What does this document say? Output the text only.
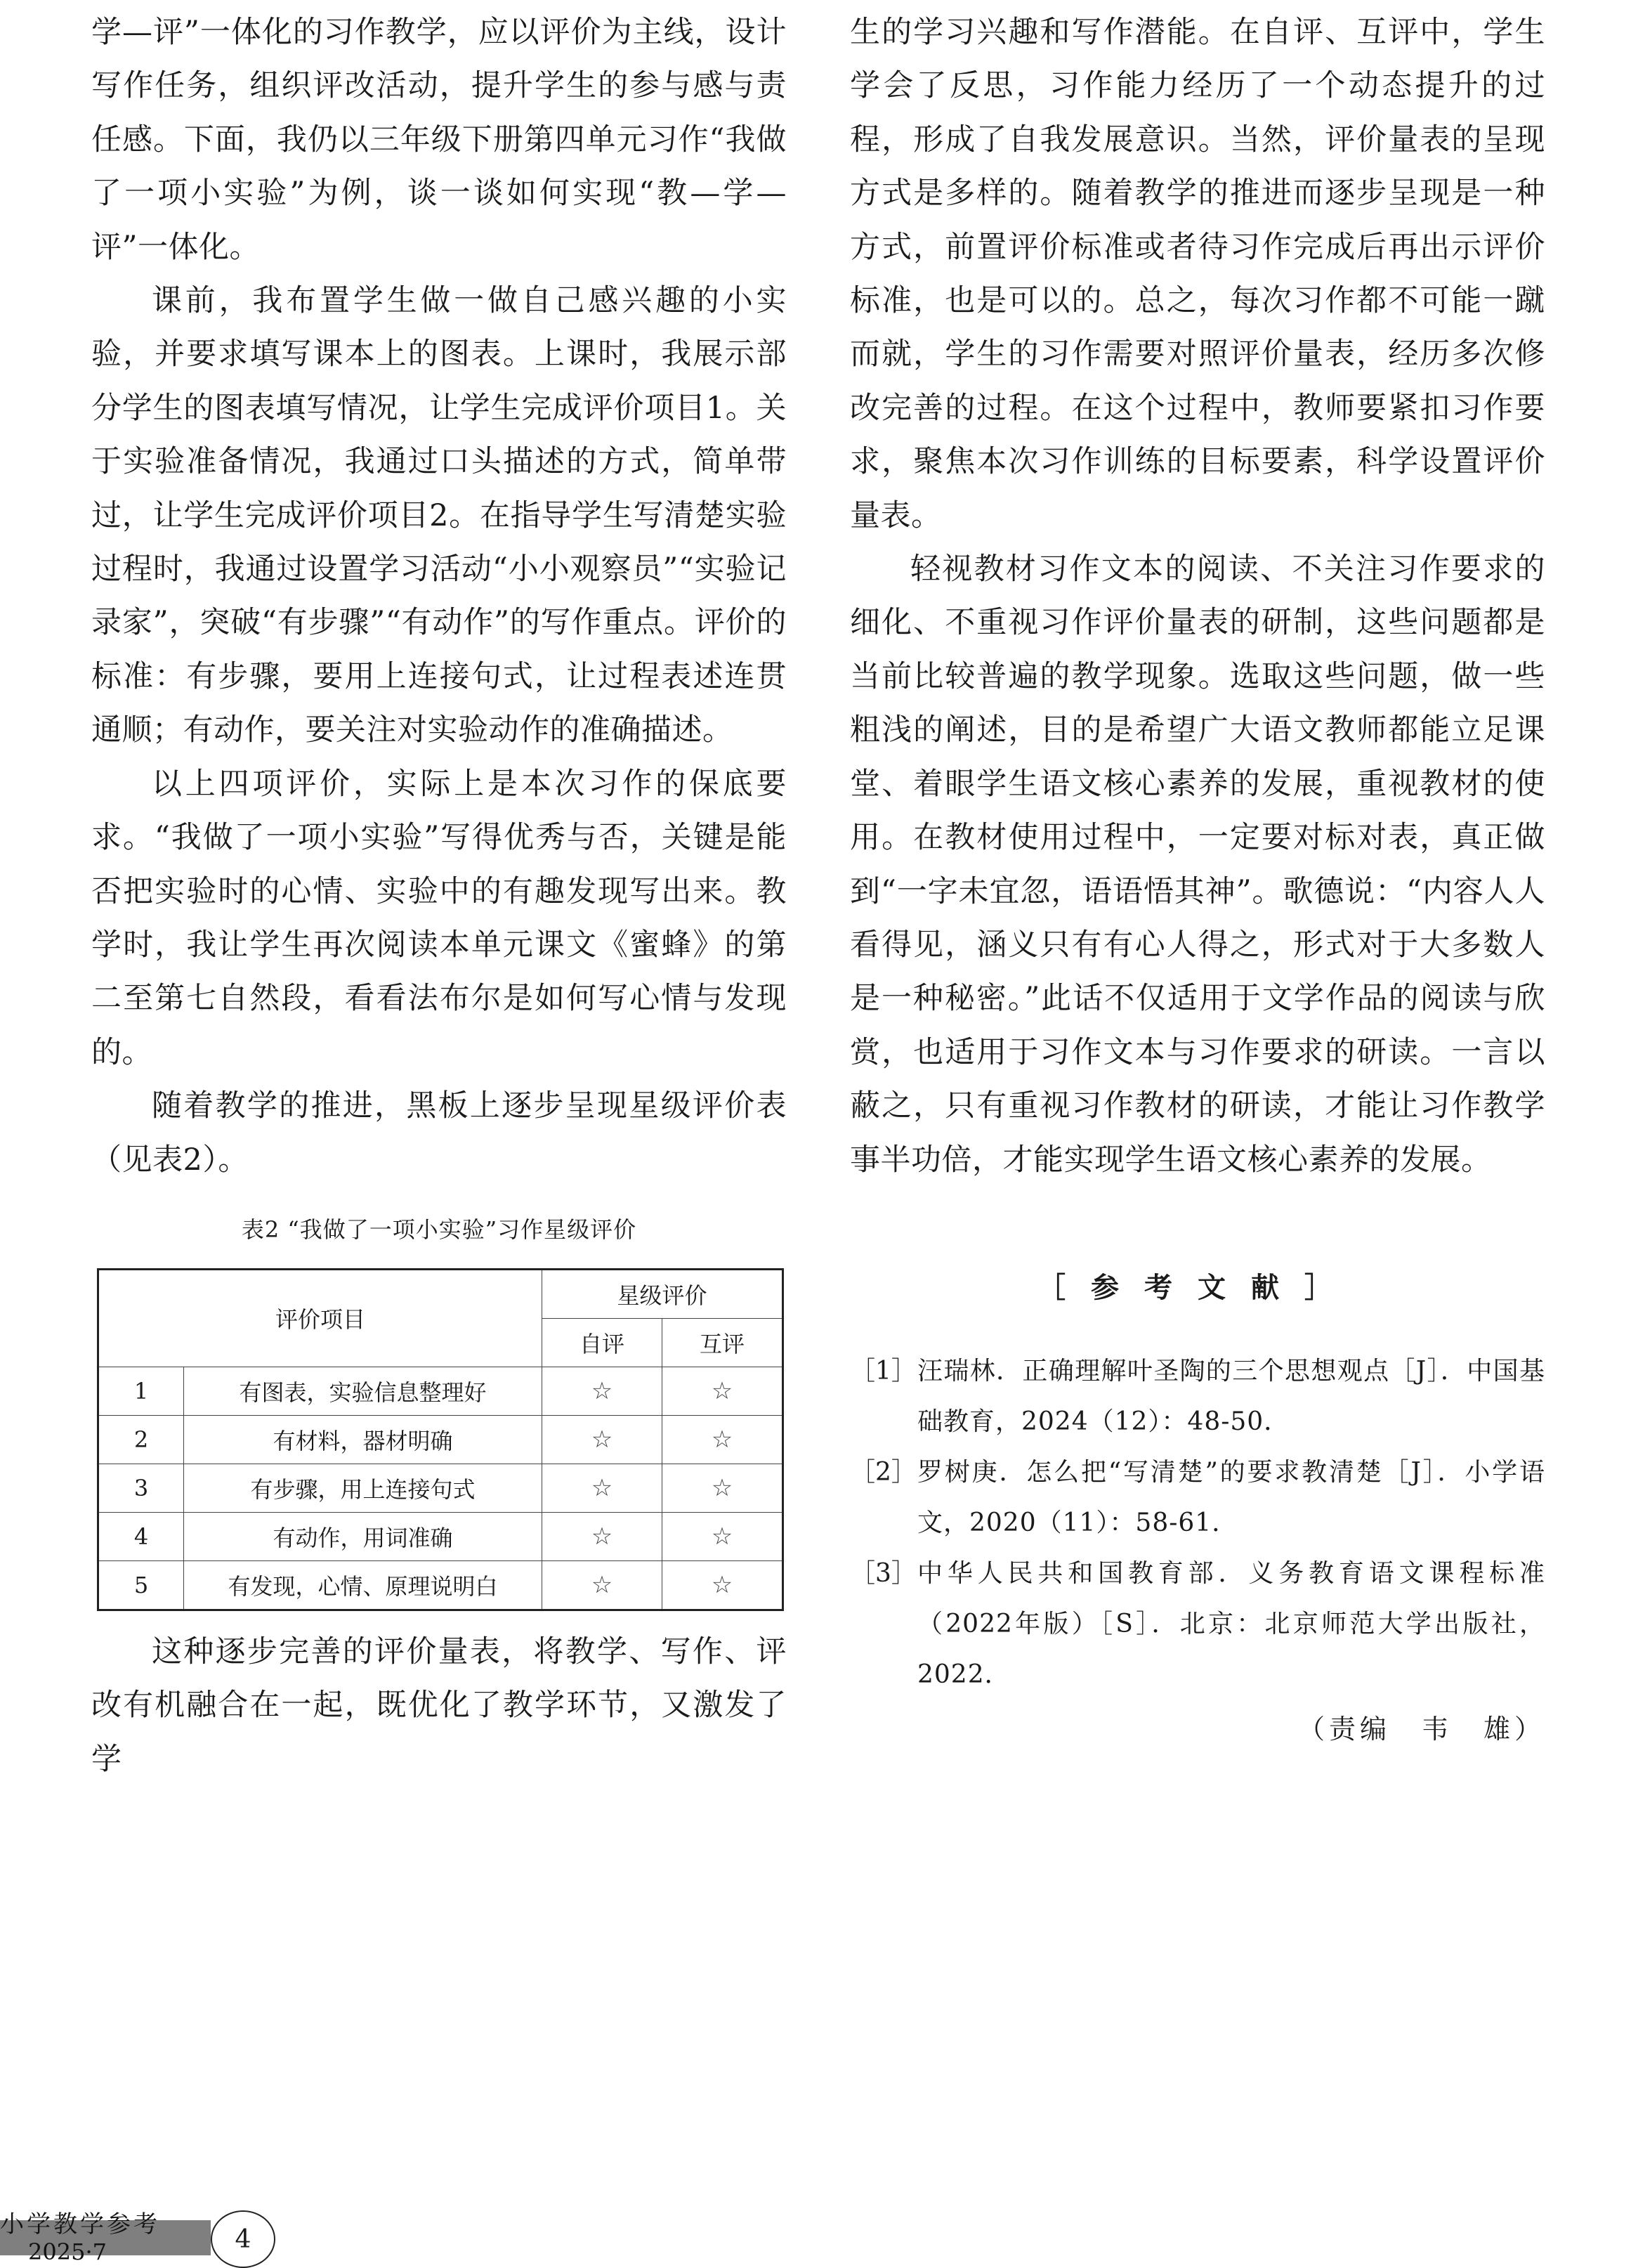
学—评”一体化的习作教学，应以评价为主线，设计写作任务，组织评改活动，提升学生的参与感与责任感。下面，我仍以三年级下册第四单元习作“我做了一项小实验”为例，谈一谈如何实现“教—学—评”一体化。

课前，我布置学生做一做自己感兴趣的小实验，并要求填写课本上的图表。上课时，我展示部分学生的图表填写情况，让学生完成评价项目1。关于实验准备情况，我通过口头描述的方式，简单带过，让学生完成评价项目2。在指导学生写清楚实验过程时，我通过设置学习活动“小小观察员”“实验记录家”，突破“有步骤”“有动作”的写作重点。评价的标准：有步骤，要用上连接句式，让过程表述连贯通顺；有动作，要关注对实验动作的准确描述。

以上四项评价，实际上是本次习作的保底要求。“我做了一项小实验”写得优秀与否，关键是能否把实验时的心情、实验中的有趣发现写出来。教学时，我让学生再次阅读本单元课文《蜜蜂》的第二至第七自然段，看看法布尔是如何写心情与发现的。

随着教学的推进，黑板上逐步呈现星级评价表（见表2）。

表2 “我做了一项小实验”习作星级评价
评价项目		星级评价	
		自评	互评
1	有图表，实验信息整理好	☆	☆
2	有材料，器材明确	☆	☆
3	有步骤，用上连接句式	☆	☆
4	有动作，用词准确	☆	☆
5	有发现，心情、原理说明白	☆	☆

这种逐步完善的评价量表，将教学、写作、评改有机融合在一起，既优化了教学环节，又激发了学

生的学习兴趣和写作潜能。在自评、互评中，学生学会了反思，习作能力经历了一个动态提升的过程，形成了自我发展意识。当然，评价量表的呈现方式是多样的。随着教学的推进而逐步呈现是一种方式，前置评价标准或者待习作完成后再出示评价标准，也是可以的。总之，每次习作都不可能一蹴而就，学生的习作需要对照评价量表，经历多次修改完善的过程。在这个过程中，教师要紧扣习作要求，聚焦本次习作训练的目标要素，科学设置评价量表。

轻视教材习作文本的阅读、不关注习作要求的细化、不重视习作评价量表的研制，这些问题都是当前比较普遍的教学现象。选取这些问题，做一些粗浅的阐述，目的是希望广大语文教师都能立足课堂、着眼学生语文核心素养的发展，重视教材的使用。在教材使用过程中，一定要对标对表，真正做到“一字未宜忽，语语悟其神”。歌德说：“内容人人看得见，涵义只有有心人得之，形式对于大多数人是一种秘密。”此话不仅适用于文学作品的阅读与欣赏，也适用于习作文本与习作要求的研读。一言以蔽之，只有重视习作教材的研读，才能让习作教学事半功倍，才能实现学生语文核心素养的发展。

［参考文献］
［1］ 汪瑞林．正确理解叶圣陶的三个思想观点［J］．中国基础教育，2024（12）：48-50．
［2］ 罗树庚．怎么把“写清楚”的要求教清楚［J］．小学语文，2020（11）：58-61．
［3］ 中华人民共和国教育部．义务教育语文课程标准（2022年版）［S］．北京：北京师范大学出版社，2022．
（责编　韦　雄）
小学教学参考
2025·7	4
